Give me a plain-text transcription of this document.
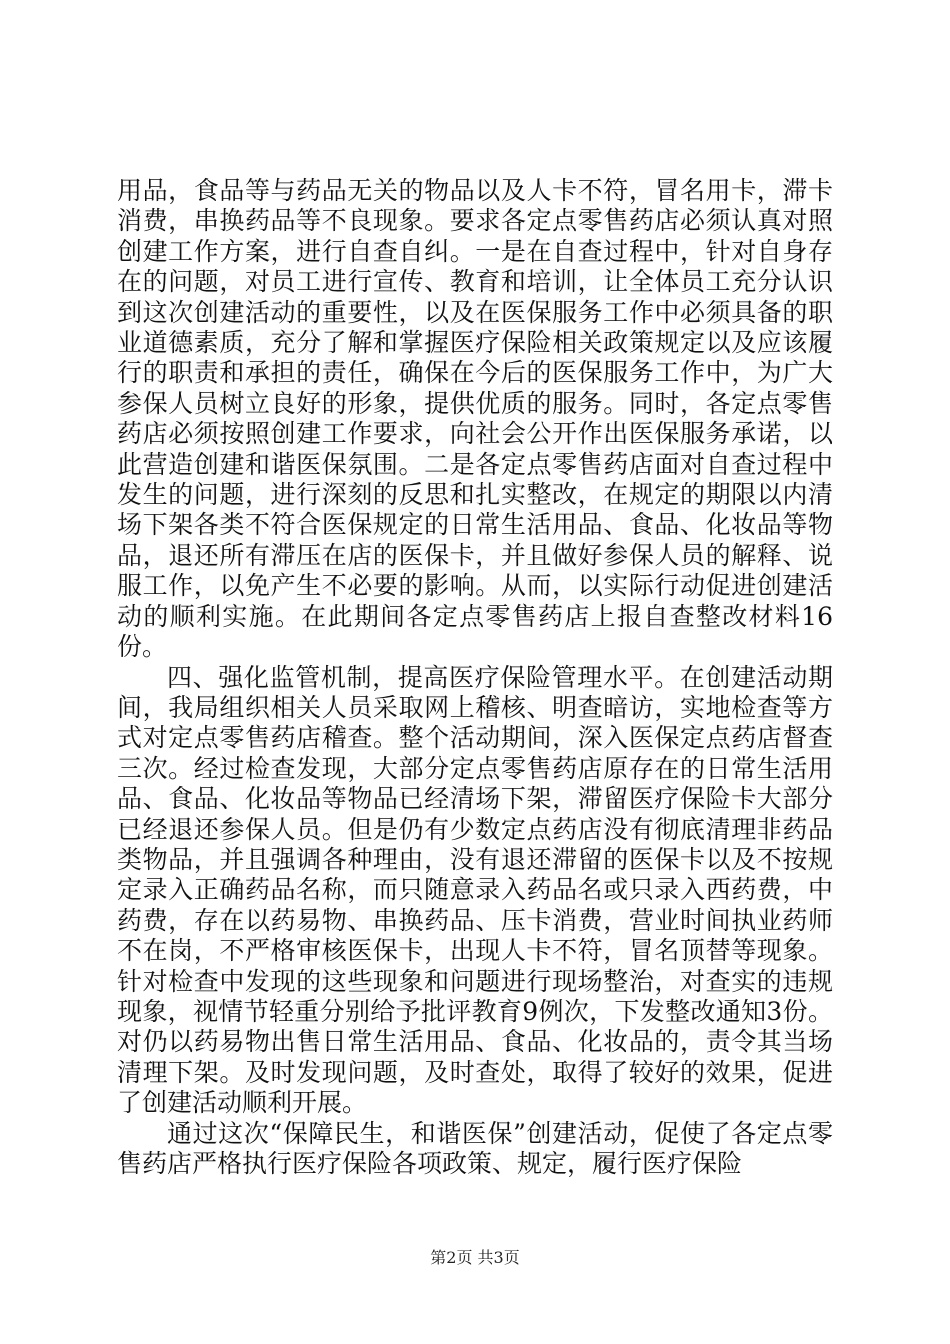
用品，食品等与药品无关的物品以及人卡不符，冒名用卡，滞卡消费，串换药品等不良现象。要求各定点零售药店必须认真对照创建工作方案，进行自查自纠。一是在自查过程中，针对自身存在的问题，对员工进行宣传、教育和培训，让全体员工充分认识到这次创建活动的重要性，以及在医保服务工作中必须具备的职业道德素质，充分了解和掌握医疗保险相关政策规定以及应该履行的职责和承担的责任，确保在今后的医保服务工作中，为广大参保人员树立良好的形象，提供优质的服务。同时，各定点零售药店必须按照创建工作要求，向社会公开作出医保服务承诺，以此营造创建和谐医保氛围。二是各定点零售药店面对自查过程中发生的问题，进行深刻的反思和扎实整改，在规定的期限以内清场下架各类不符合医保规定的日常生活用品、食品、化妆品等物品，退还所有滞压在店的医保卡，并且做好参保人员的解释、说服工作，以免产生不必要的影响。从而，以实际行动促进创建活动的顺利实施。在此期间各定点零售药店上报自查整改材料16份。

四、强化监管机制，提高医疗保险管理水平。在创建活动期间，我局组织相关人员采取网上稽核、明查暗访，实地检查等方式对定点零售药店稽查。整个活动期间，深入医保定点药店督查三次。经过检查发现，大部分定点零售药店原存在的日常生活用品、食品、化妆品等物品已经清场下架，滞留医疗保险卡大部分已经退还参保人员。但是仍有少数定点药店没有彻底清理非药品类物品，并且强调各种理由，没有退还滞留的医保卡以及不按规定录入正确药品名称，而只随意录入药品名或只录入西药费，中药费，存在以药易物、串换药品、压卡消费，营业时间执业药师不在岗，不严格审核医保卡，出现人卡不符，冒名顶替等现象。针对检查中发现的这些现象和问题进行现场整治，对查实的违规现象，视情节轻重分别给予批评教育9例次，下发整改通知3份。对仍以药易物出售日常生活用品、食品、化妆品的，责令其当场清理下架。及时发现问题，及时查处，取得了较好的效果，促进了创建活动顺利开展。

通过这次“保障民生，和谐医保”创建活动，促使了各定点零售药店严格执行医疗保险各项政策、规定，履行医疗保险

第2页 共3页
